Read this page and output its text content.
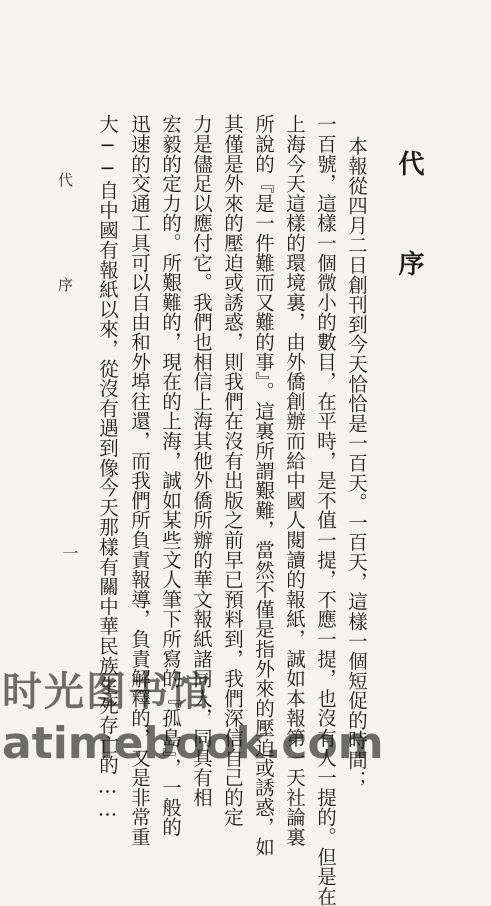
代 序
本報從四月二日創刊到今天恰恰是一百天。一百天，這樣一個短促的時間；
一百號，這樣一個微小的數目，在平時，是不值一提，不應一提，也沒有人一提的。但是在
上海今天這樣的環境裏，由外僑創辦而給中國人閱讀的報紙，誠如本報第一天社論裏
所說的『是一件難而又難的事』。這裏所謂艱難，當然不僅是指外來的壓迫或誘惑，如
其僅是外來的壓迫或誘惑，則我們在沒有出版之前早已預料到，我們深信自己的定
力是儘足以應付它。我們也相信上海其他外僑所辦的華文報紙諸同人，同具有相
宏毅的定力的。所艱難的，現在的上海，誠如某些文人筆下所寫的『孤島』，一般的
迅速的交通工具可以自由和外埠往還，而我們所負責報導，負責解釋的，又是非常重
大──自中國有報紙以來，從沒有遇到像今天那樣有關中華民族生死存亡的……
代 序
一
时光图书馆
atimebook.com
